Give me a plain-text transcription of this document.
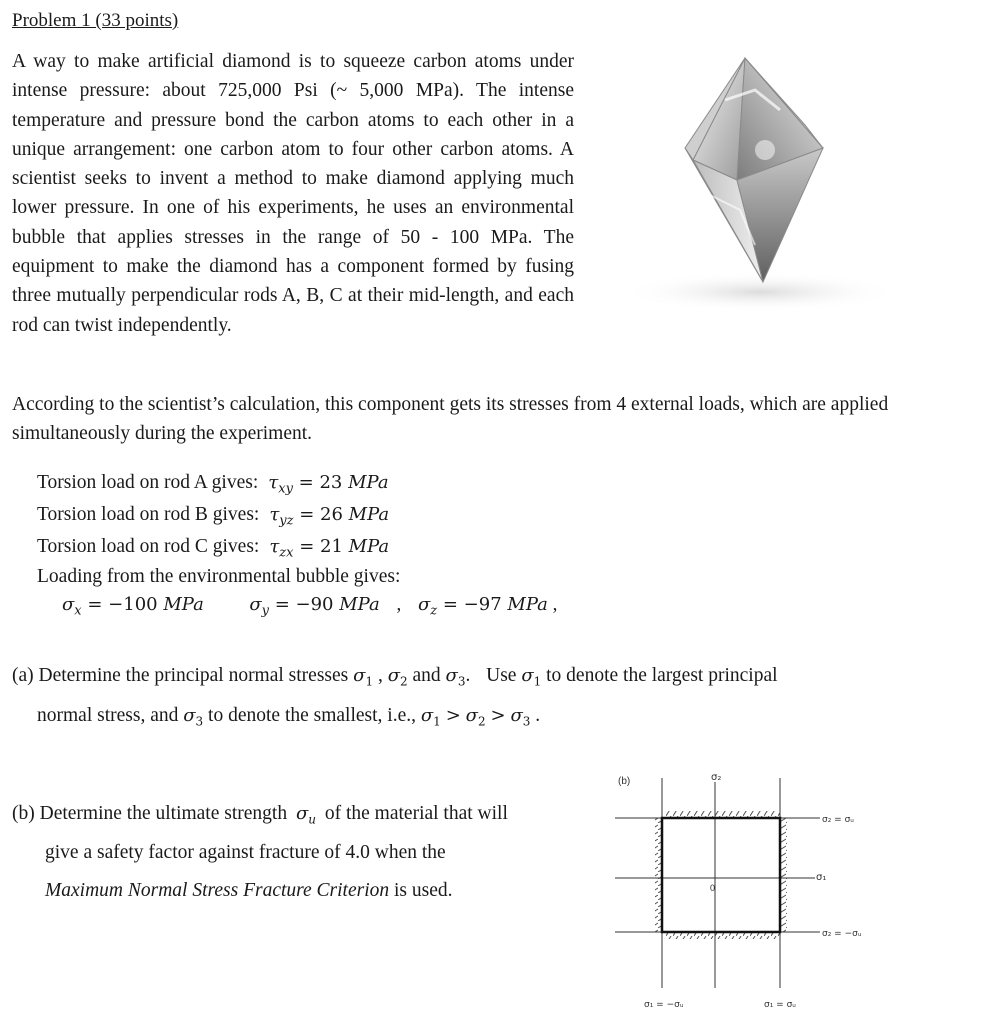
Problem 1 (33 points)
A way to make artificial diamond is to squeeze carbon atoms under intense pressure: about 725,000 Psi (~ 5,000 MPa). The intense temperature and pressure bond the carbon atoms to each other in a unique arrangement: one carbon atom to four other carbon atoms. A scientist seeks to invent a method to make diamond applying much lower pressure. In one of his experiments, he uses an environmental bubble that applies stresses in the range of 50 - 100 MPa. The equipment to make the diamond has a component formed by fusing three mutually perpendicular rods A, B, C at their mid-length, and each rod can twist independently.
According to the scientist’s calculation, this component gets its stresses from 4 external loads, which are applied simultaneously during the experiment.
Torsion load on rod A gives: $\tau_{xy} = 23$ MPa
Torsion load on rod B gives: $\tau_{yz} = 26$ MPa
Torsion load on rod C gives: $\tau_{zx} = 21$ MPa
Loading from the environmental bubble gives:
$\sigma_x = -100$ MPa	$\sigma_y = -90$ MPa , $\sigma_z = -97$ MPa ,
(a) Determine the principal normal stresses $\sigma_1$ , $\sigma_2$ and $\sigma_3$. Use $\sigma_1$ to denote the largest principal
normal stress, and $\sigma_3$ to denote the smallest, i.e., $\sigma_1 > \sigma_2 > \sigma_3$ .
(b) Determine the ultimate strength $\sigma_u$ of the material that will
give a safety factor against fracture of 4.0 when the
Maximum Normal Stress Fracture Criterion is used.
(b)	σ₂
σ₁
0
σ₂ = σᵤ
σ₂ = −σᵤ
σ₁ = −σᵤ	σ₁ = σᵤ
